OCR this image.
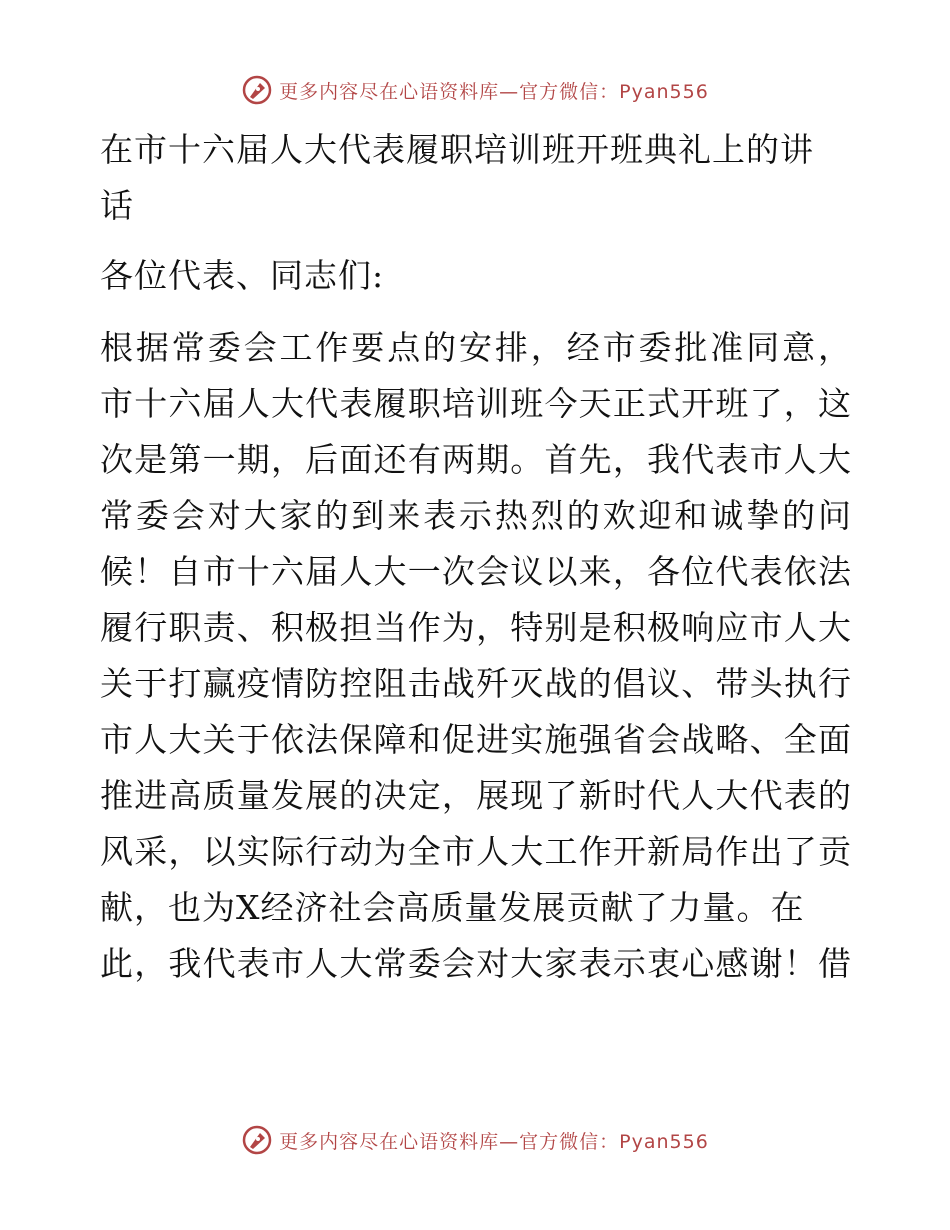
更多内容尽在心语资料库—官方微信：Pyan556
在市十六届人大代表履职培训班开班典礼上的讲
话
各位代表、同志们:
根据常委会工作要点的安排，经市委批准同意，
市十六届人大代表履职培训班今天正式开班了，这
次是第一期，后面还有两期。首先，我代表市人大
常委会对大家的到来表示热烈的欢迎和诚挚的问
候！自市十六届人大一次会议以来，各位代表依法
履行职责、积极担当作为，特别是积极响应市人大
关于打赢疫情防控阻击战歼灭战的倡议、带头执行
市人大关于依法保障和促进实施强省会战略、全面
推进高质量发展的决定，展现了新时代人大代表的
风采，以实际行动为全市人大工作开新局作出了贡
献，也为X经济社会高质量发展贡献了力量。在
此，我代表市人大常委会对大家表示衷心感谢！借
更多内容尽在心语资料库—官方微信：Pyan556
